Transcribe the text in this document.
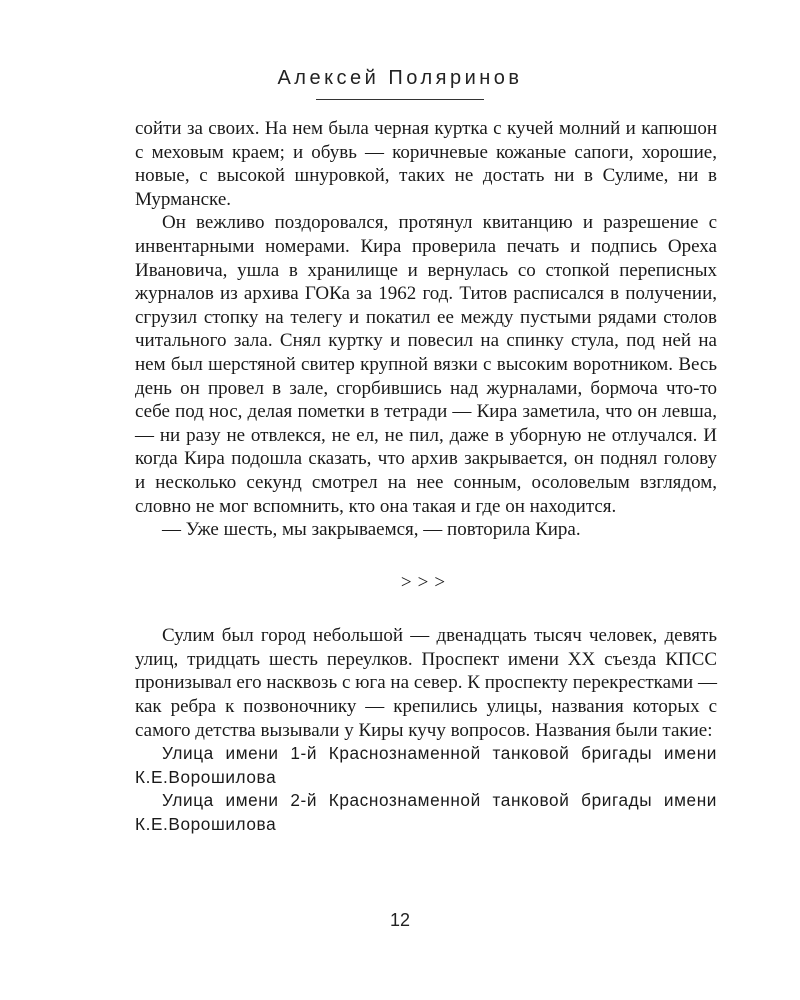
Алексей Поляринов

сойти за своих. На нем была черная куртка с кучей молний и капюшон с меховым краем; и обувь — коричневые кожаные сапоги, хорошие, новые, с высокой шнуровкой, таких не достать ни в Сулиме, ни в Мурманске.

Он вежливо поздоровался, протянул квитанцию и разрешение с инвентарными номерами. Кира проверила печать и подпись Ореха Ивановича, ушла в хранилище и вернулась со стопкой переписных журналов из архива ГОКа за 1962 год. Титов расписался в получении, сгрузил стопку на телегу и покатил ее между пустыми рядами столов читального зала. Снял куртку и повесил на спинку стула, под ней на нем был шерстяной свитер крупной вязки с высоким воротником. Весь день он провел в зале, сгорбившись над журналами, бормоча что-то себе под нос, делая пометки в тетради — Кира заметила, что он левша, — ни разу не отвлекся, не ел, не пил, даже в уборную не отлучался. И когда Кира подошла сказать, что архив закрывается, он поднял голову и несколько секунд смотрел на нее сонным, осоловелым взглядом, словно не мог вспомнить, кто она такая и где он находится.

— Уже шесть, мы закрываемся, — повторила Кира.

>>>

Сулим был город небольшой — двенадцать тысяч человек, девять улиц, тридцать шесть переулков. Проспект имени XX съезда КПСС пронизывал его насквозь с юга на север. К проспекту перекрестками — как ребра к позвоночнику — крепились улицы, названия которых с самого детства вызывали у Киры кучу вопросов. Названия были такие:

Улица имени 1-й Краснознаменной танковой бригады имени К.Е.Ворошилова

Улица имени 2-й Краснознаменной танковой бригады имени К.Е.Ворошилова

12
